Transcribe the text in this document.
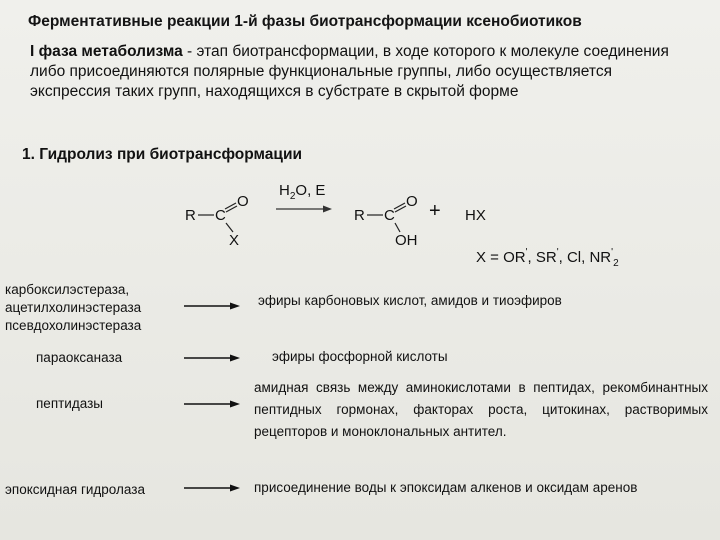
Ферментативные реакции 1-й фазы биотрансформации ксенобиотиков
I фаза метаболизма - этап биотрансформации, в ходе которого к молекуле соединения либо присоединяются полярные функциональные группы, либо осуществляется экспрессия таких групп, находящихся в субстрате в скрытой форме
1. Гидролиз при биотрансформации
R C
O
X
$H_2O$, E
R C
O
OH
+ HX
X = OR', SR', Cl, $NR'_2$
карбоксилэстераза,
ацетилхолинэстераза
псевдохолинэстераза
эфиры карбоновых кислот, амидов и тиоэфиров
параоксаназа	эфиры фосфорной кислоты
пептидазы
амидная связь между аминокислотами в пептидах, рекомбинантных пептидных гормонах, факторах роста, цитокинах, растворимых рецепторов и моноклональных антител.
эпоксидная гидролаза	присоединение воды к эпоксидам алкенов и оксидам аренов
